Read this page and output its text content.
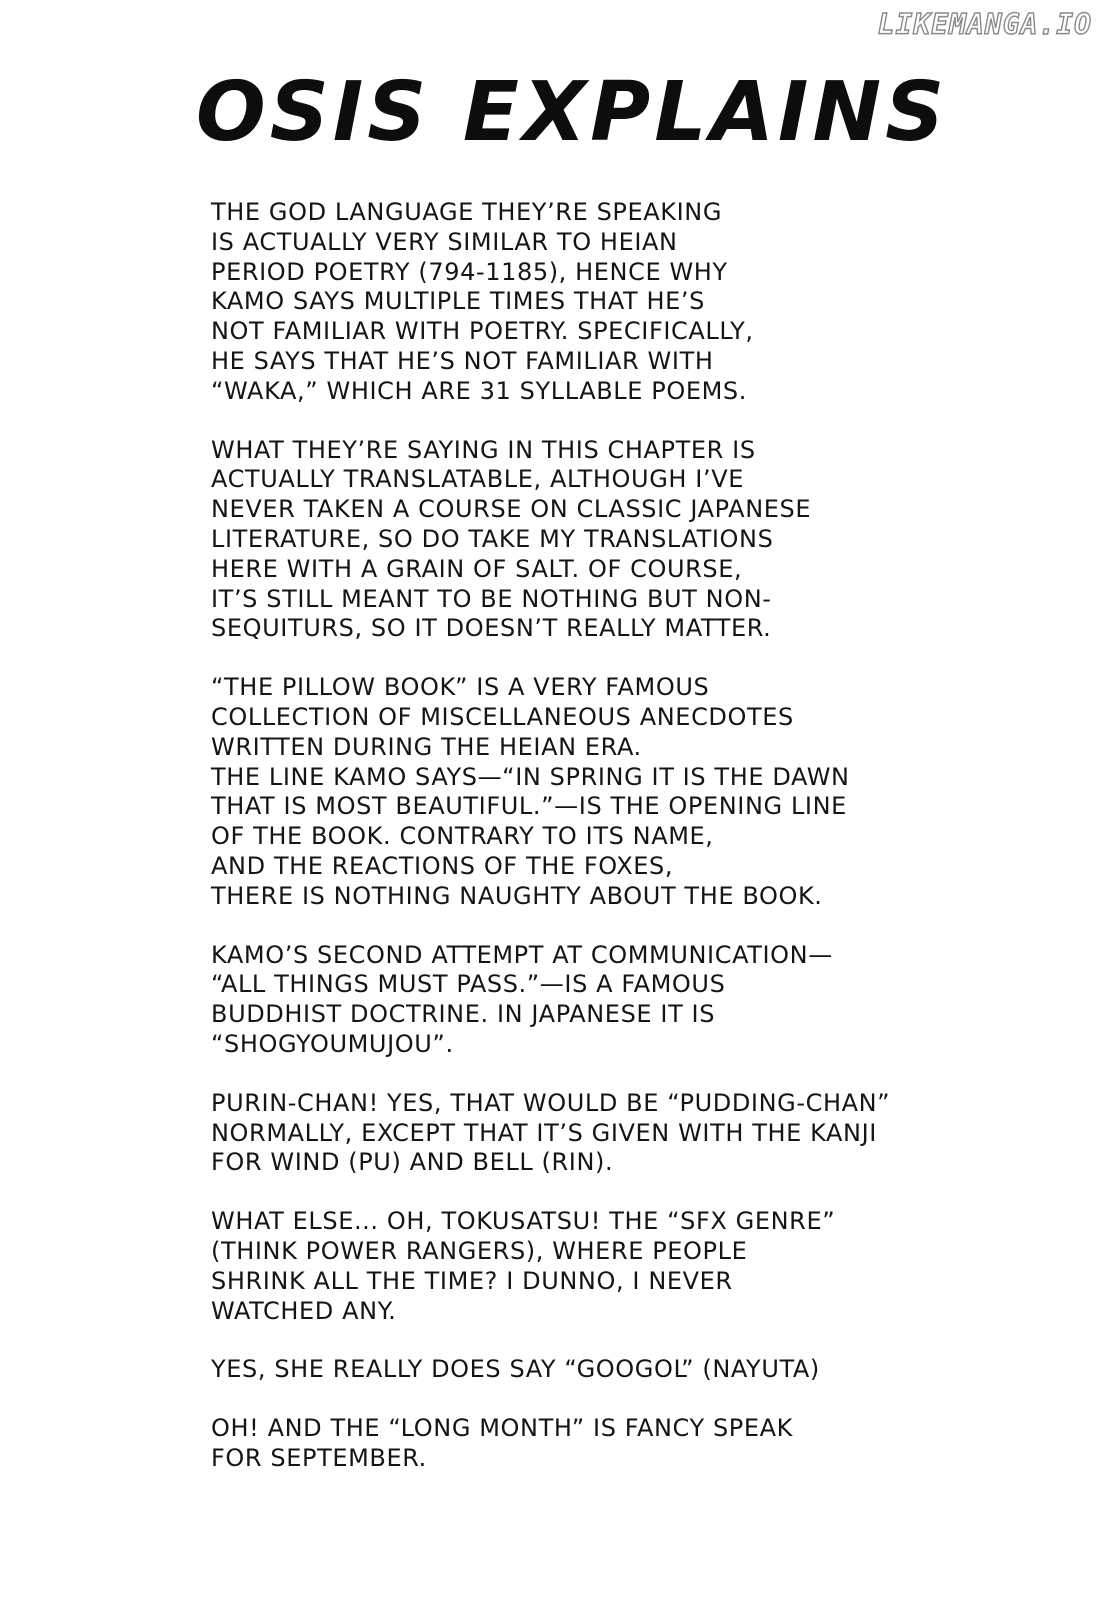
LIKEMANGA.IO
OSIS EXPLAINS

THE GOD LANGUAGE THEY’RE SPEAKING
IS ACTUALLY VERY SIMILAR TO HEIAN
PERIOD POETRY (794-1185), HENCE WHY
KAMO SAYS MULTIPLE TIMES THAT HE’S
NOT FAMILIAR WITH POETRY. SPECIFICALLY,
HE SAYS THAT HE’S NOT FAMILIAR WITH
“WAKA,” WHICH ARE 31 SYLLABLE POEMS.

WHAT THEY’RE SAYING IN THIS CHAPTER IS
ACTUALLY TRANSLATABLE, ALTHOUGH I’VE
NEVER TAKEN A COURSE ON CLASSIC JAPANESE
LITERATURE, SO DO TAKE MY TRANSLATIONS
HERE WITH A GRAIN OF SALT. OF COURSE,
IT’S STILL MEANT TO BE NOTHING BUT NON-
SEQUITURS, SO IT DOESN’T REALLY MATTER.

“THE PILLOW BOOK” IS A VERY FAMOUS
COLLECTION OF MISCELLANEOUS ANECDOTES
WRITTEN DURING THE HEIAN ERA.
THE LINE KAMO SAYS—“IN SPRING IT IS THE DAWN
THAT IS MOST BEAUTIFUL.”—IS THE OPENING LINE
OF THE BOOK. CONTRARY TO ITS NAME,
AND THE REACTIONS OF THE FOXES,
THERE IS NOTHING NAUGHTY ABOUT THE BOOK.

KAMO’S SECOND ATTEMPT AT COMMUNICATION—
“ALL THINGS MUST PASS.”—IS A FAMOUS
BUDDHIST DOCTRINE. IN JAPANESE IT IS
“SHOGYOUMUJOU”.

PURIN-CHAN! YES, THAT WOULD BE “PUDDING-CHAN”
NORMALLY, EXCEPT THAT IT’S GIVEN WITH THE KANJI
FOR WIND (PU) AND BELL (RIN).

WHAT ELSE... OH, TOKUSATSU! THE “SFX GENRE”
(THINK POWER RANGERS), WHERE PEOPLE
SHRINK ALL THE TIME? I DUNNO, I NEVER
WATCHED ANY.

YES, SHE REALLY DOES SAY “GOOGOL” (NAYUTA)

OH! AND THE “LONG MONTH” IS FANCY SPEAK
FOR SEPTEMBER.
